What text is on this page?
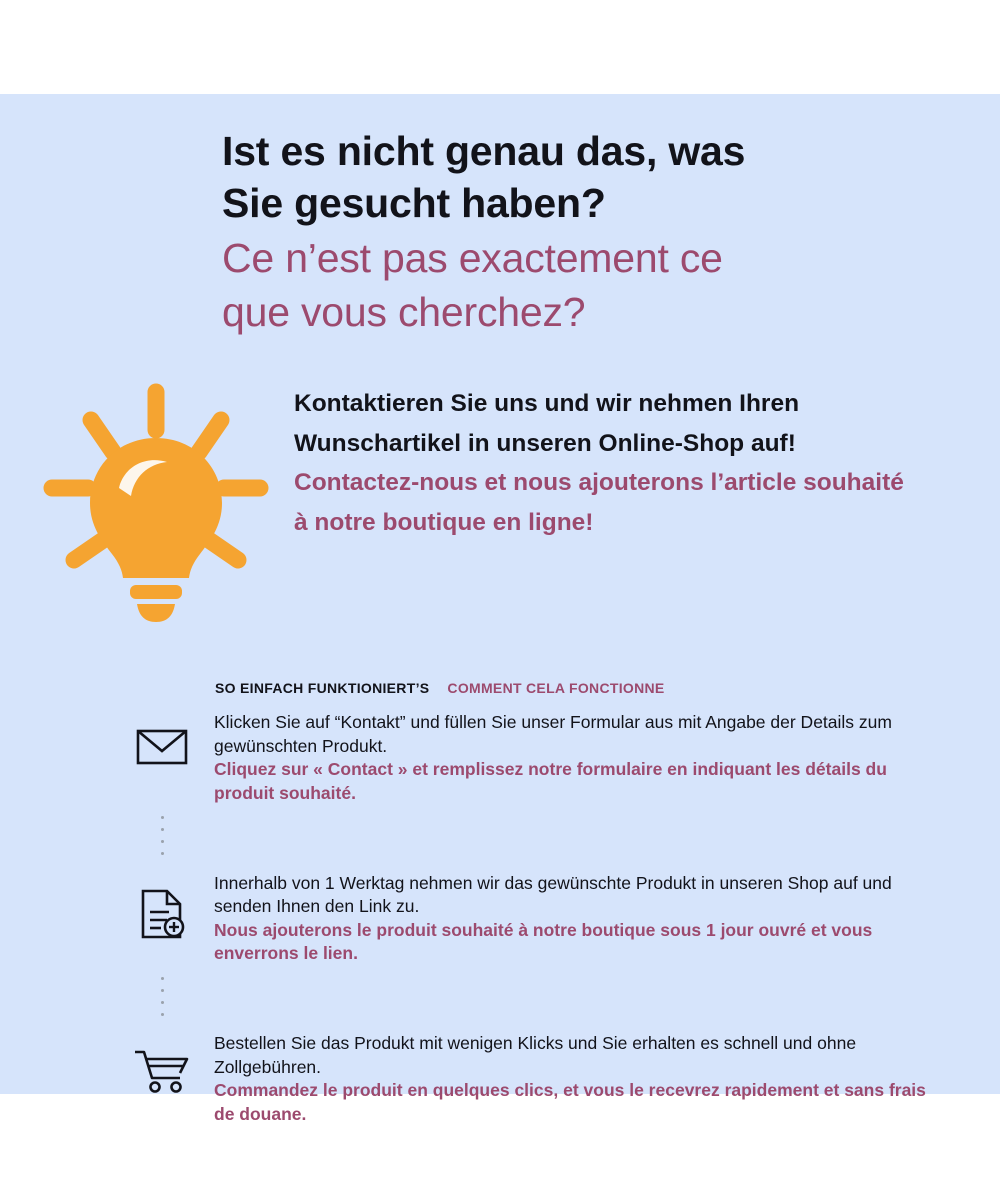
Ist es nicht genau das, was
Sie gesucht haben?
Ce n’est pas exactement ce
que vous cherchez?
Kontaktieren Sie uns und wir nehmen Ihren Wunschartikel in unseren Online-Shop auf!
Contactez-nous et nous ajouterons l’article souhaité à notre boutique en ligne!
SO EINFACH FUNKTIONIERT’S COMMENT CELA FONCTIONNE
Klicken Sie auf “Kontakt” und füllen Sie unser Formular aus mit Angabe der Details zum gewünschten Produkt.
Cliquez sur « Contact » et remplissez notre formulaire en indiquant les détails du produit souhaité.
Innerhalb von 1 Werktag nehmen wir das gewünschte Produkt in unseren Shop auf und senden Ihnen den Link zu.
Nous ajouterons le produit souhaité à notre boutique sous 1 jour ouvré et vous enverrons le lien.
Bestellen Sie das Produkt mit wenigen Klicks und Sie erhalten es schnell und ohne Zollgebühren.
Commandez le produit en quelques clics, et vous le recevrez rapidement et sans frais de douane.
